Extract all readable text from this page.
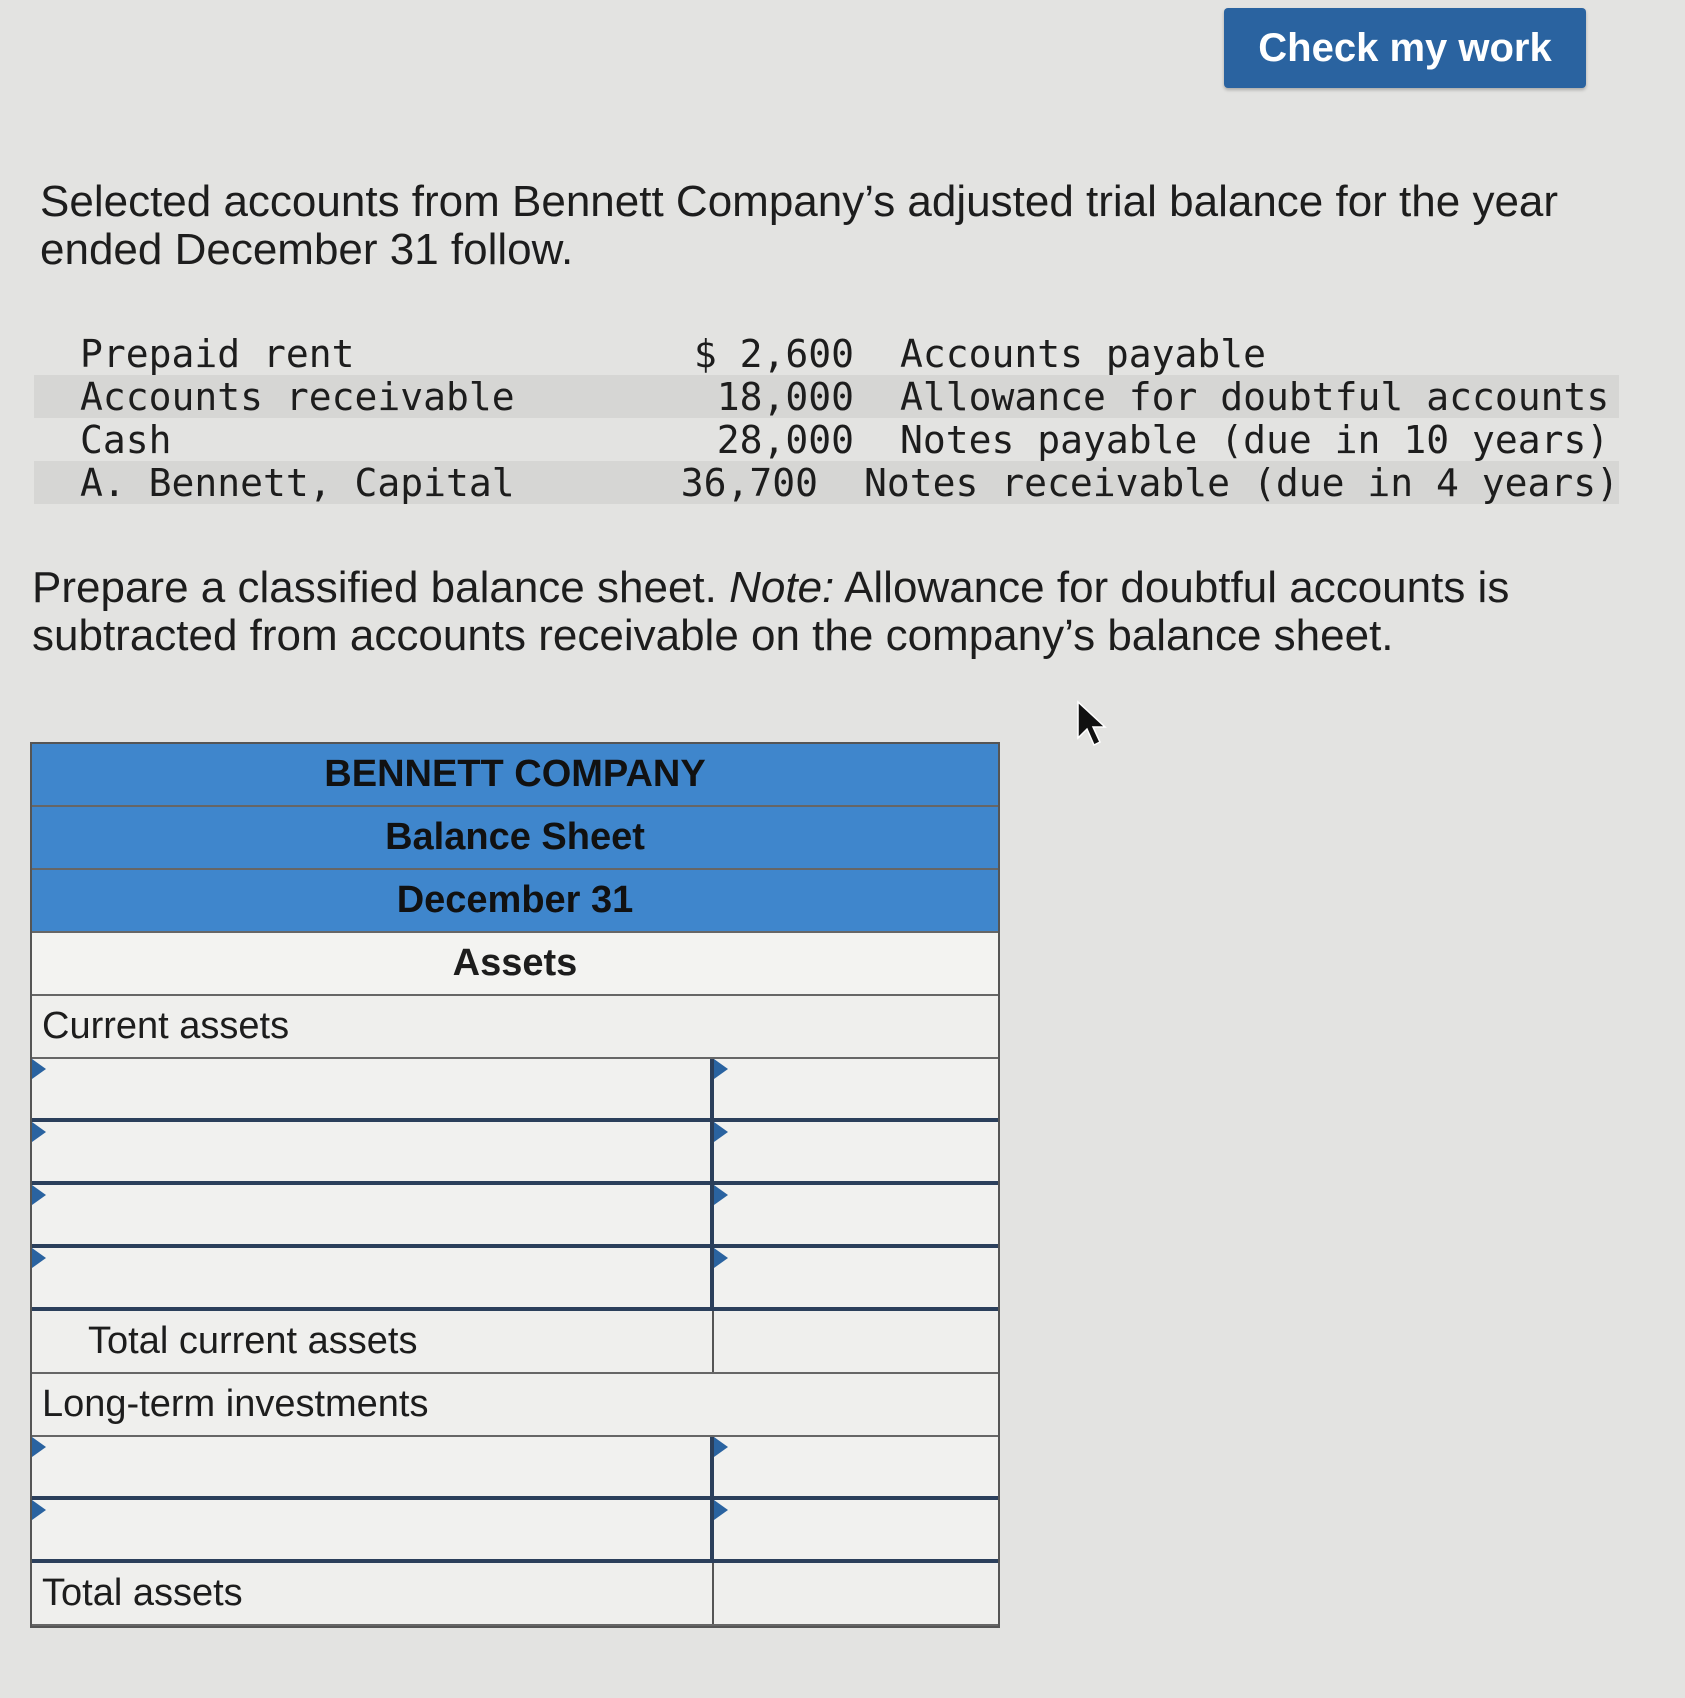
Check my work

Selected accounts from Bennett Company’s adjusted trial balance for the year ended December 31 follow.

Prepaid rent	$ 2,600	Accounts payable
Accounts receivable	18,000	Allowance for doubtful accounts
Cash	28,000	Notes payable (due in 10 years)
A. Bennett, Capital	36,700	Notes receivable (due in 4 years)

Prepare a classified balance sheet. Note: Allowance for doubtful accounts is subtracted from accounts receivable on the company’s balance sheet.

BENNETT COMPANY
Balance Sheet
December 31
Assets
Current assets
Total current assets
Long-term investments
Total assets
